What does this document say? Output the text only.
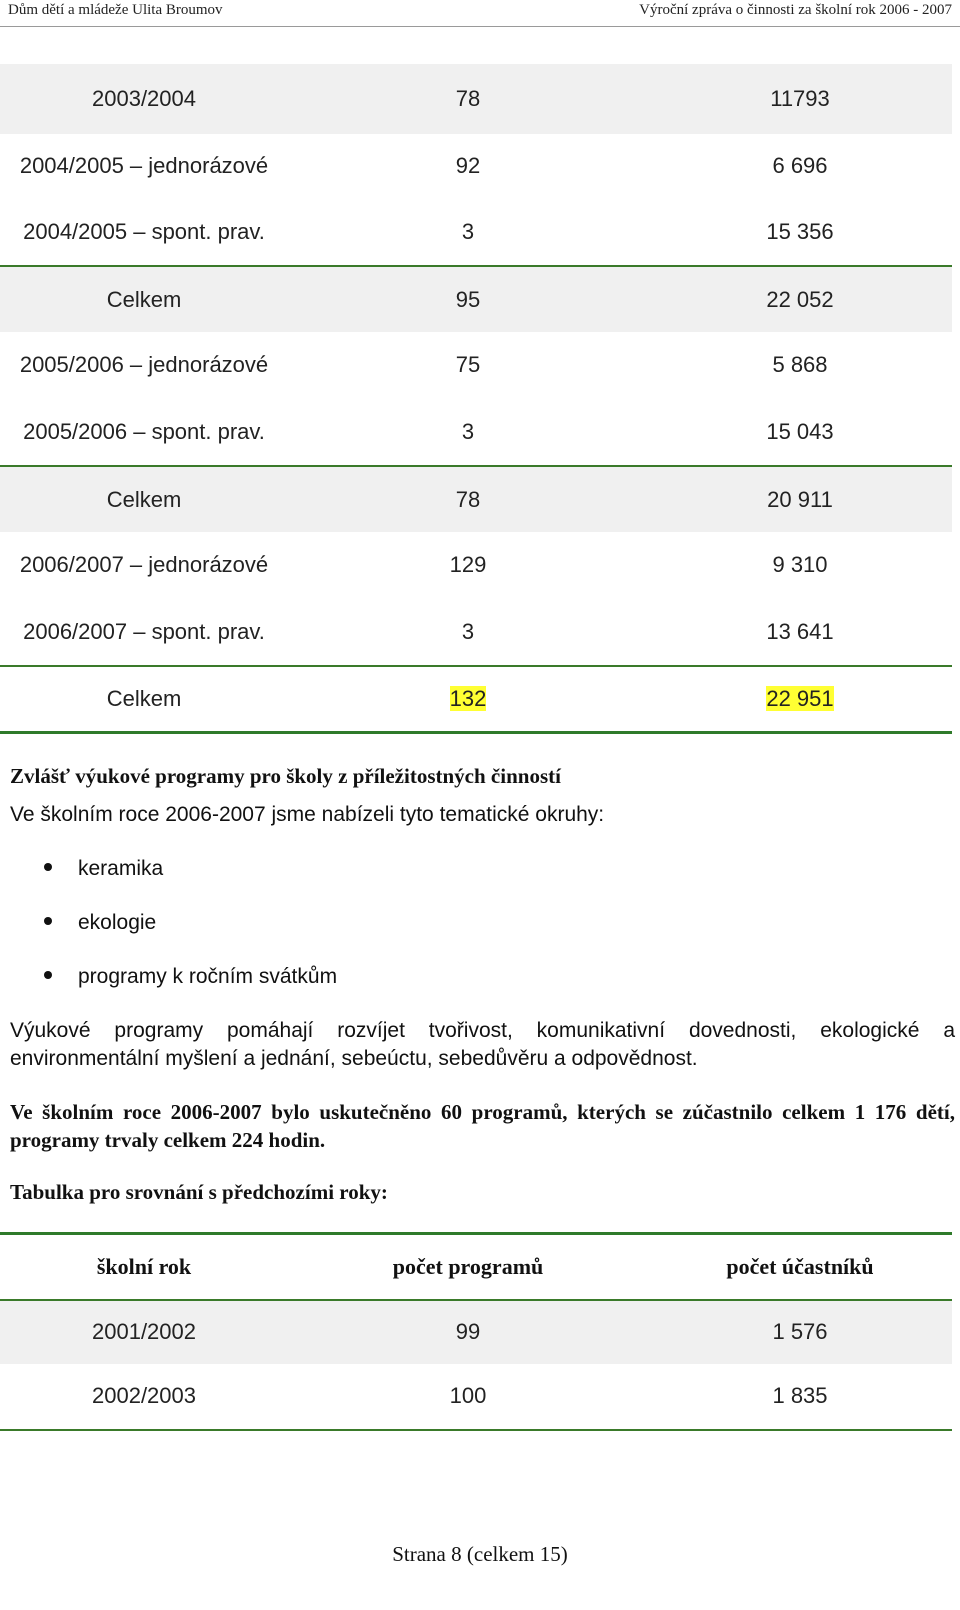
Dům dětí a mládeže Ulita Broumov	Výroční zpráva o činnosti za školní rok 2006 - 2007
2003/2004	78	11793
2004/2005 – jednorázové	92	6 696
2004/2005 – spont. prav.	3	15 356
Celkem	95	22 052
2005/2006 – jednorázové	75	5 868
2005/2006 – spont. prav.	3	15 043
Celkem	78	20 911
2006/2007 – jednorázové	129	9 310
2006/2007 – spont. prav.	3	13 641
Celkem	132	22 951
Zvlášť výukové programy pro školy z příležitostných činností
Ve školním roce 2006-2007 jsme nabízeli tyto tematické okruhy:
keramika
ekologie
programy k ročním svátkům
Výukové programy pomáhají rozvíjet tvořivost, komunikativní dovednosti, ekologické a environmentální myšlení a jednání, sebeúctu, sebedůvěru a odpovědnost.
Ve školním roce 2006-2007 bylo uskutečněno 60 programů, kterých se zúčastnilo celkem 1 176 dětí, programy trvaly celkem 224 hodin.
Tabulka pro srovnání s předchozími roky:
školní rok	počet programů	počet účastníků
2001/2002	99	1 576
2002/2003	100	1 835
Strana 8 (celkem 15)
